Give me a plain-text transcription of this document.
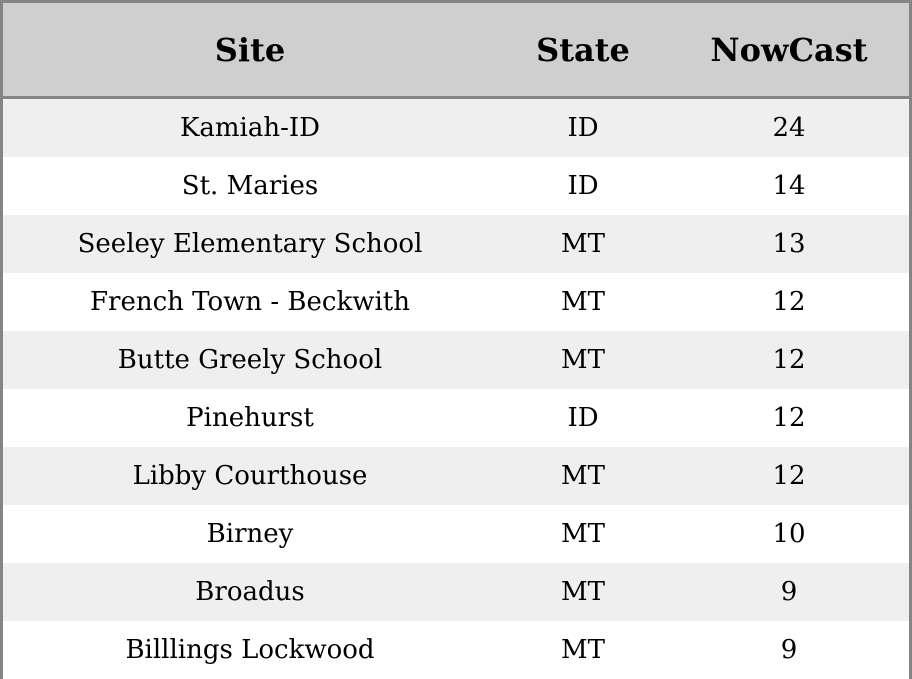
Site	State	NowCast
Kamiah-ID	ID	24
St. Maries	ID	14
Seeley Elementary School	MT	13
French Town - Beckwith	MT	12
Butte Greely School	MT	12
Pinehurst	ID	12
Libby Courthouse	MT	12
Birney	MT	10
Broadus	MT	9
Billlings Lockwood	MT	9
